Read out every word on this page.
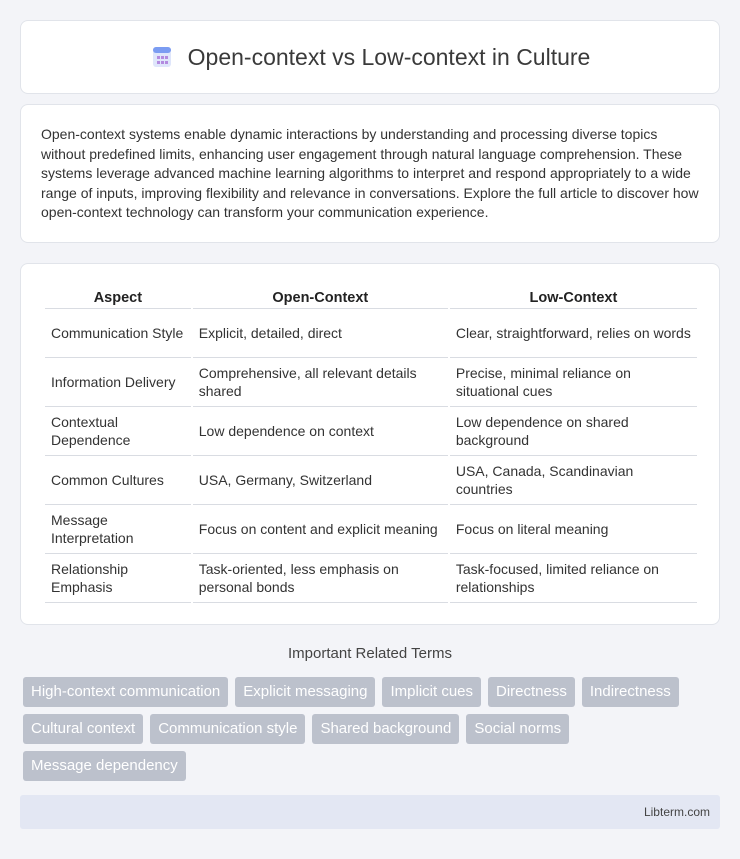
Open-context vs Low-context in Culture

Open-context systems enable dynamic interactions by understanding and processing diverse topics without predefined limits, enhancing user engagement through natural language comprehension. These systems leverage advanced machine learning algorithms to interpret and respond appropriately to a wide range of inputs, improving flexibility and relevance in conversations. Explore the full article to discover how open-context technology can transform your communication experience.

Aspect	Open-Context	Low-Context
Communication Style	Explicit, detailed, direct	Clear, straightforward, relies on words
Information Delivery	Comprehensive, all relevant details shared	Precise, minimal reliance on situational cues
Contextual Dependence	Low dependence on context	Low dependence on shared background
Common Cultures	USA, Germany, Switzerland	USA, Canada, Scandinavian countries
Message Interpretation	Focus on content and explicit meaning	Focus on literal meaning
Relationship Emphasis	Task-oriented, less emphasis on personal bonds	Task-focused, limited reliance on relationships
Important Related Terms
High-context communication	Explicit messaging	Implicit cues	Directness	Indirectness
Cultural context	Communication style	Shared background	Social norms
Message dependency
Libterm.com
